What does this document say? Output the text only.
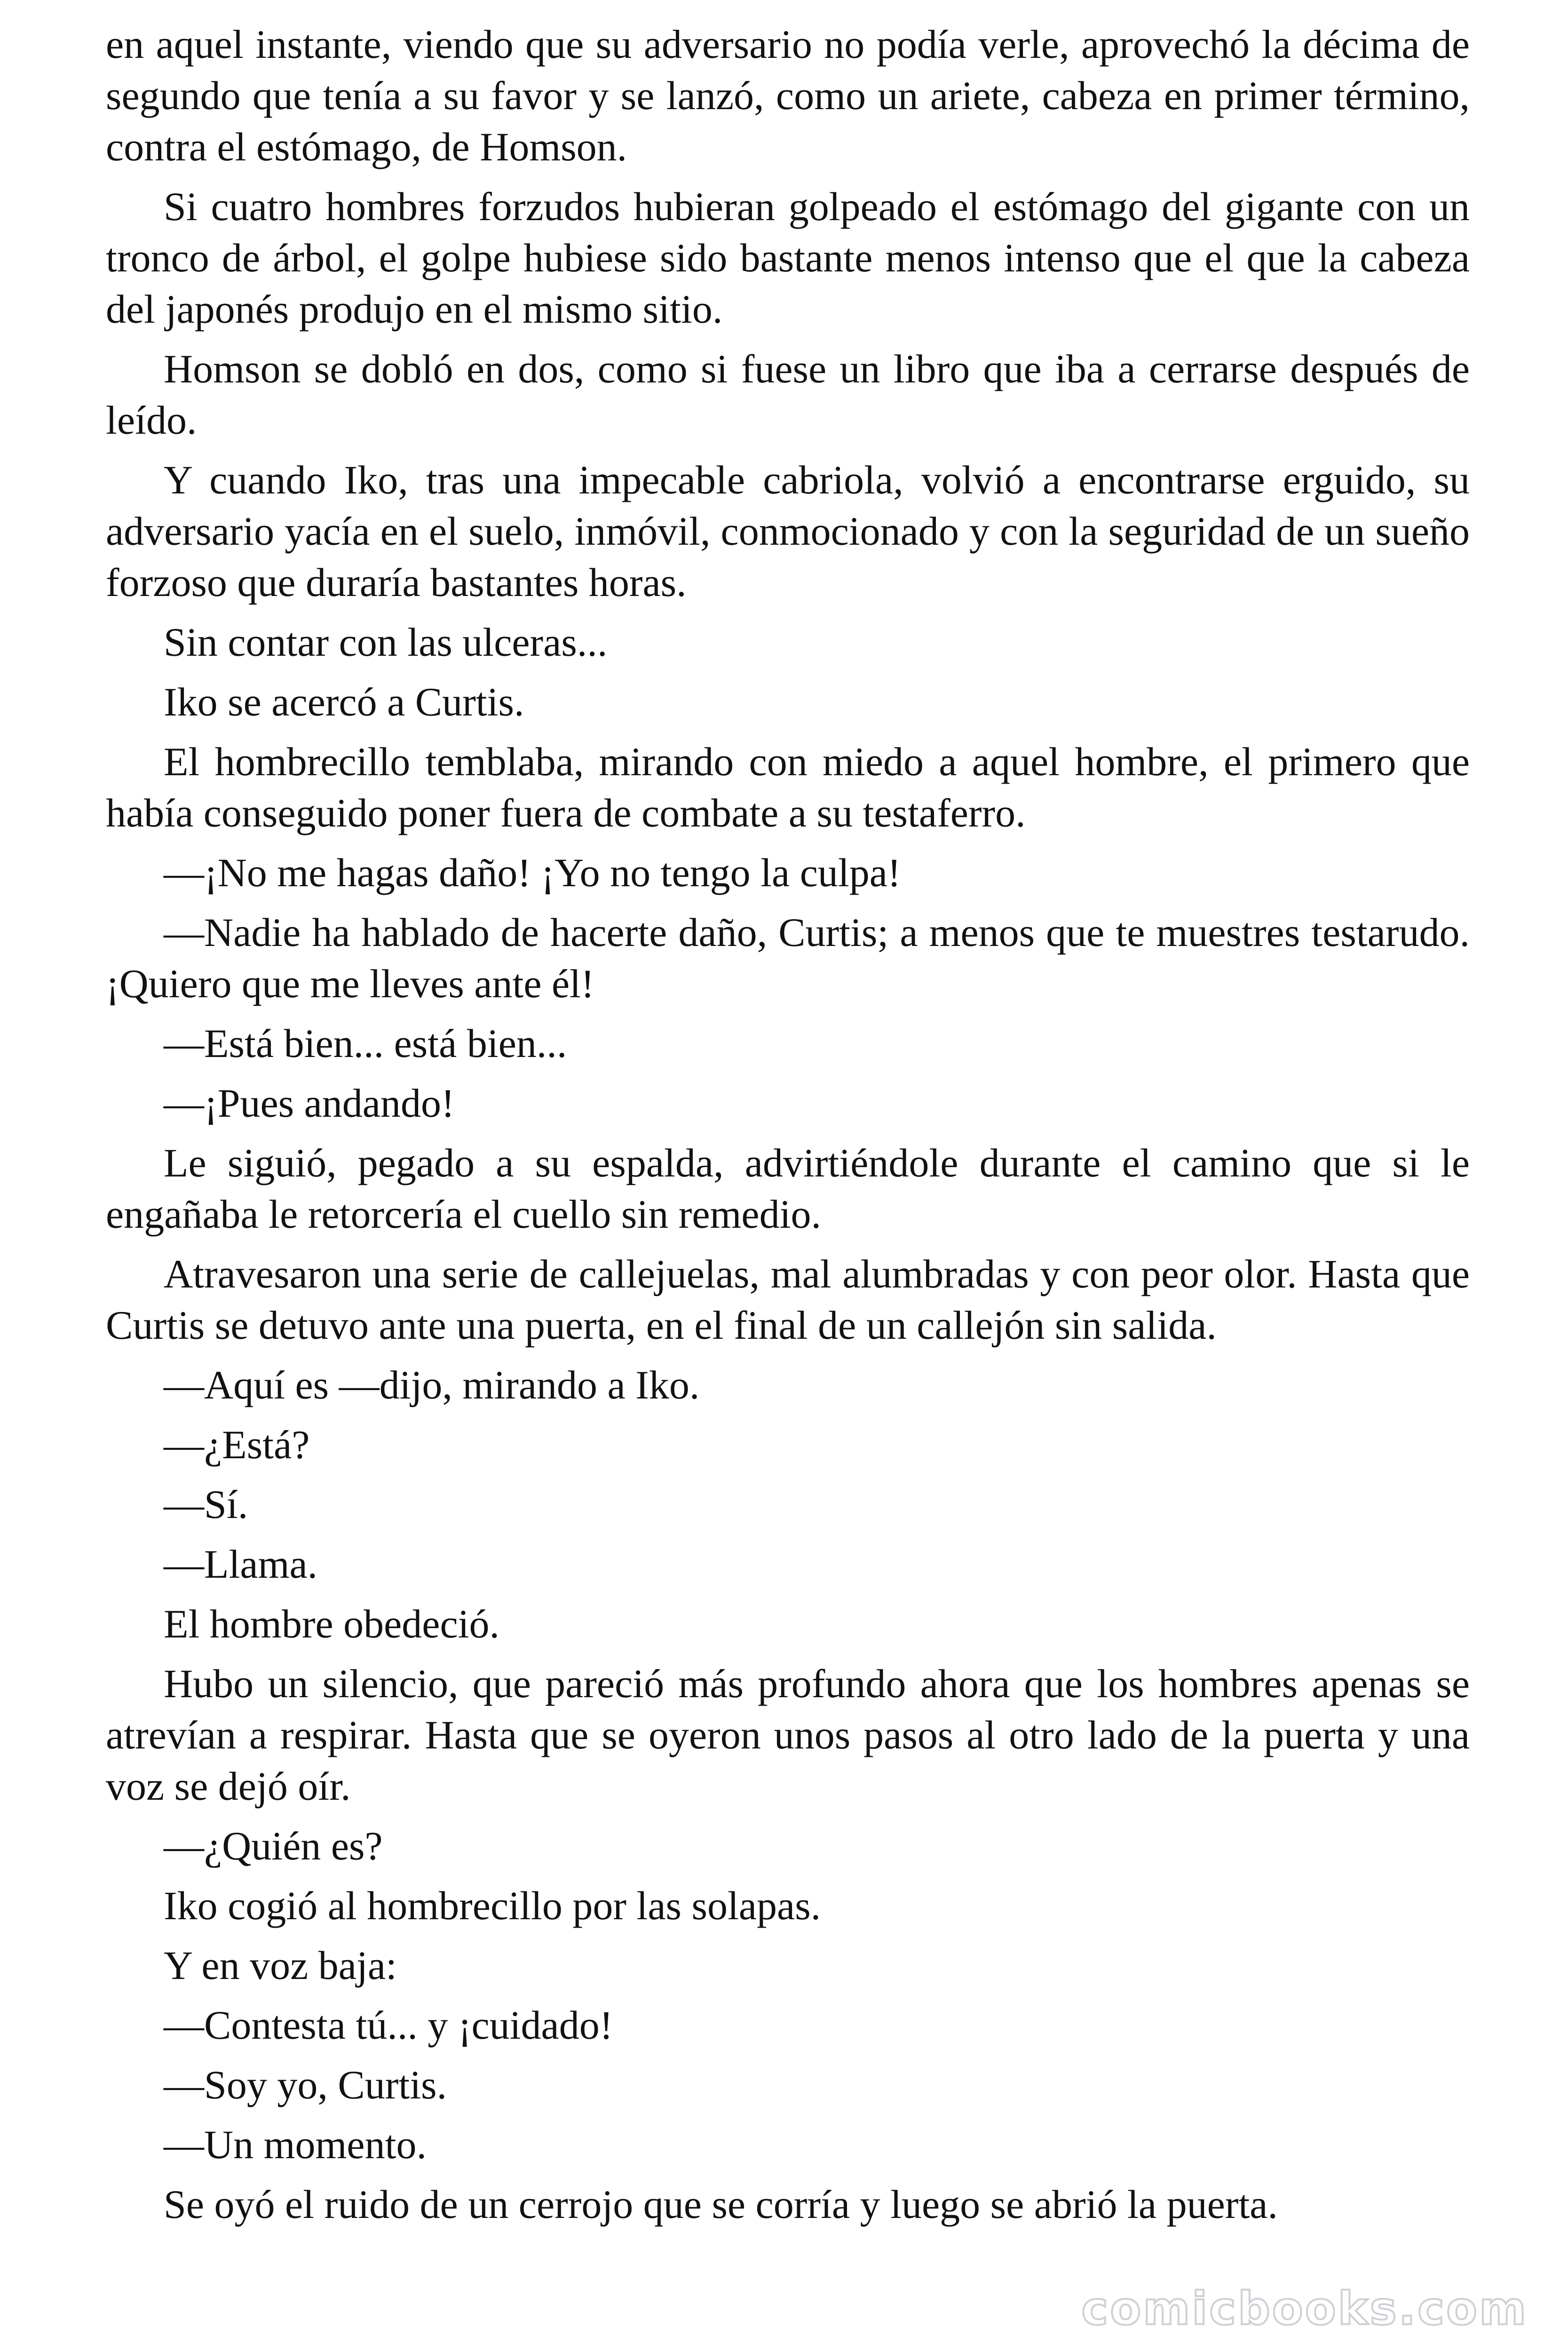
en aquel instante, viendo que su adversario no podía verle, aprovechó la décima de segundo que tenía a su favor y se lanzó, como un ariete, cabeza en primer término, contra el estómago, de Homson.

Si cuatro hombres forzudos hubieran golpeado el estómago del gigante con un tronco de árbol, el golpe hubiese sido bastante menos intenso que el que la cabeza del japonés produjo en el mismo sitio.

Homson se dobló en dos, como si fuese un libro que iba a cerrarse después de leído.

Y cuando Iko, tras una impecable cabriola, volvió a encontrarse erguido, su adversario yacía en el suelo, inmóvil, conmocionado y con la seguridad de un sueño forzoso que duraría bastantes horas.

Sin contar con las ulceras...

Iko se acercó a Curtis.

El hombrecillo temblaba, mirando con miedo a aquel hombre, el primero que había conseguido poner fuera de combate a su testaferro.

—¡No me hagas daño! ¡Yo no tengo la culpa!

—Nadie ha hablado de hacerte daño, Curtis; a menos que te muestres testarudo. ¡Quiero que me lleves ante él!

—Está bien... está bien...

—¡Pues andando!

Le siguió, pegado a su espalda, advirtiéndole durante el camino que si le engañaba le retorcería el cuello sin remedio.

Atravesaron una serie de callejuelas, mal alumbradas y con peor olor. Hasta que Curtis se detuvo ante una puerta, en el final de un callejón sin salida.

—Aquí es —dijo, mirando a Iko.

—¿Está?

—Sí.

—Llama.

El hombre obedeció.

Hubo un silencio, que pareció más profundo ahora que los hombres apenas se atrevían a respirar. Hasta que se oyeron unos pasos al otro lado de la puerta y una voz se dejó oír.

—¿Quién es?

Iko cogió al hombrecillo por las solapas.

Y en voz baja:

—Contesta tú... y ¡cuidado!

—Soy yo, Curtis.

—Un momento.

Se oyó el ruido de un cerrojo que se corría y luego se abrió la puerta.

comicbooks.com
